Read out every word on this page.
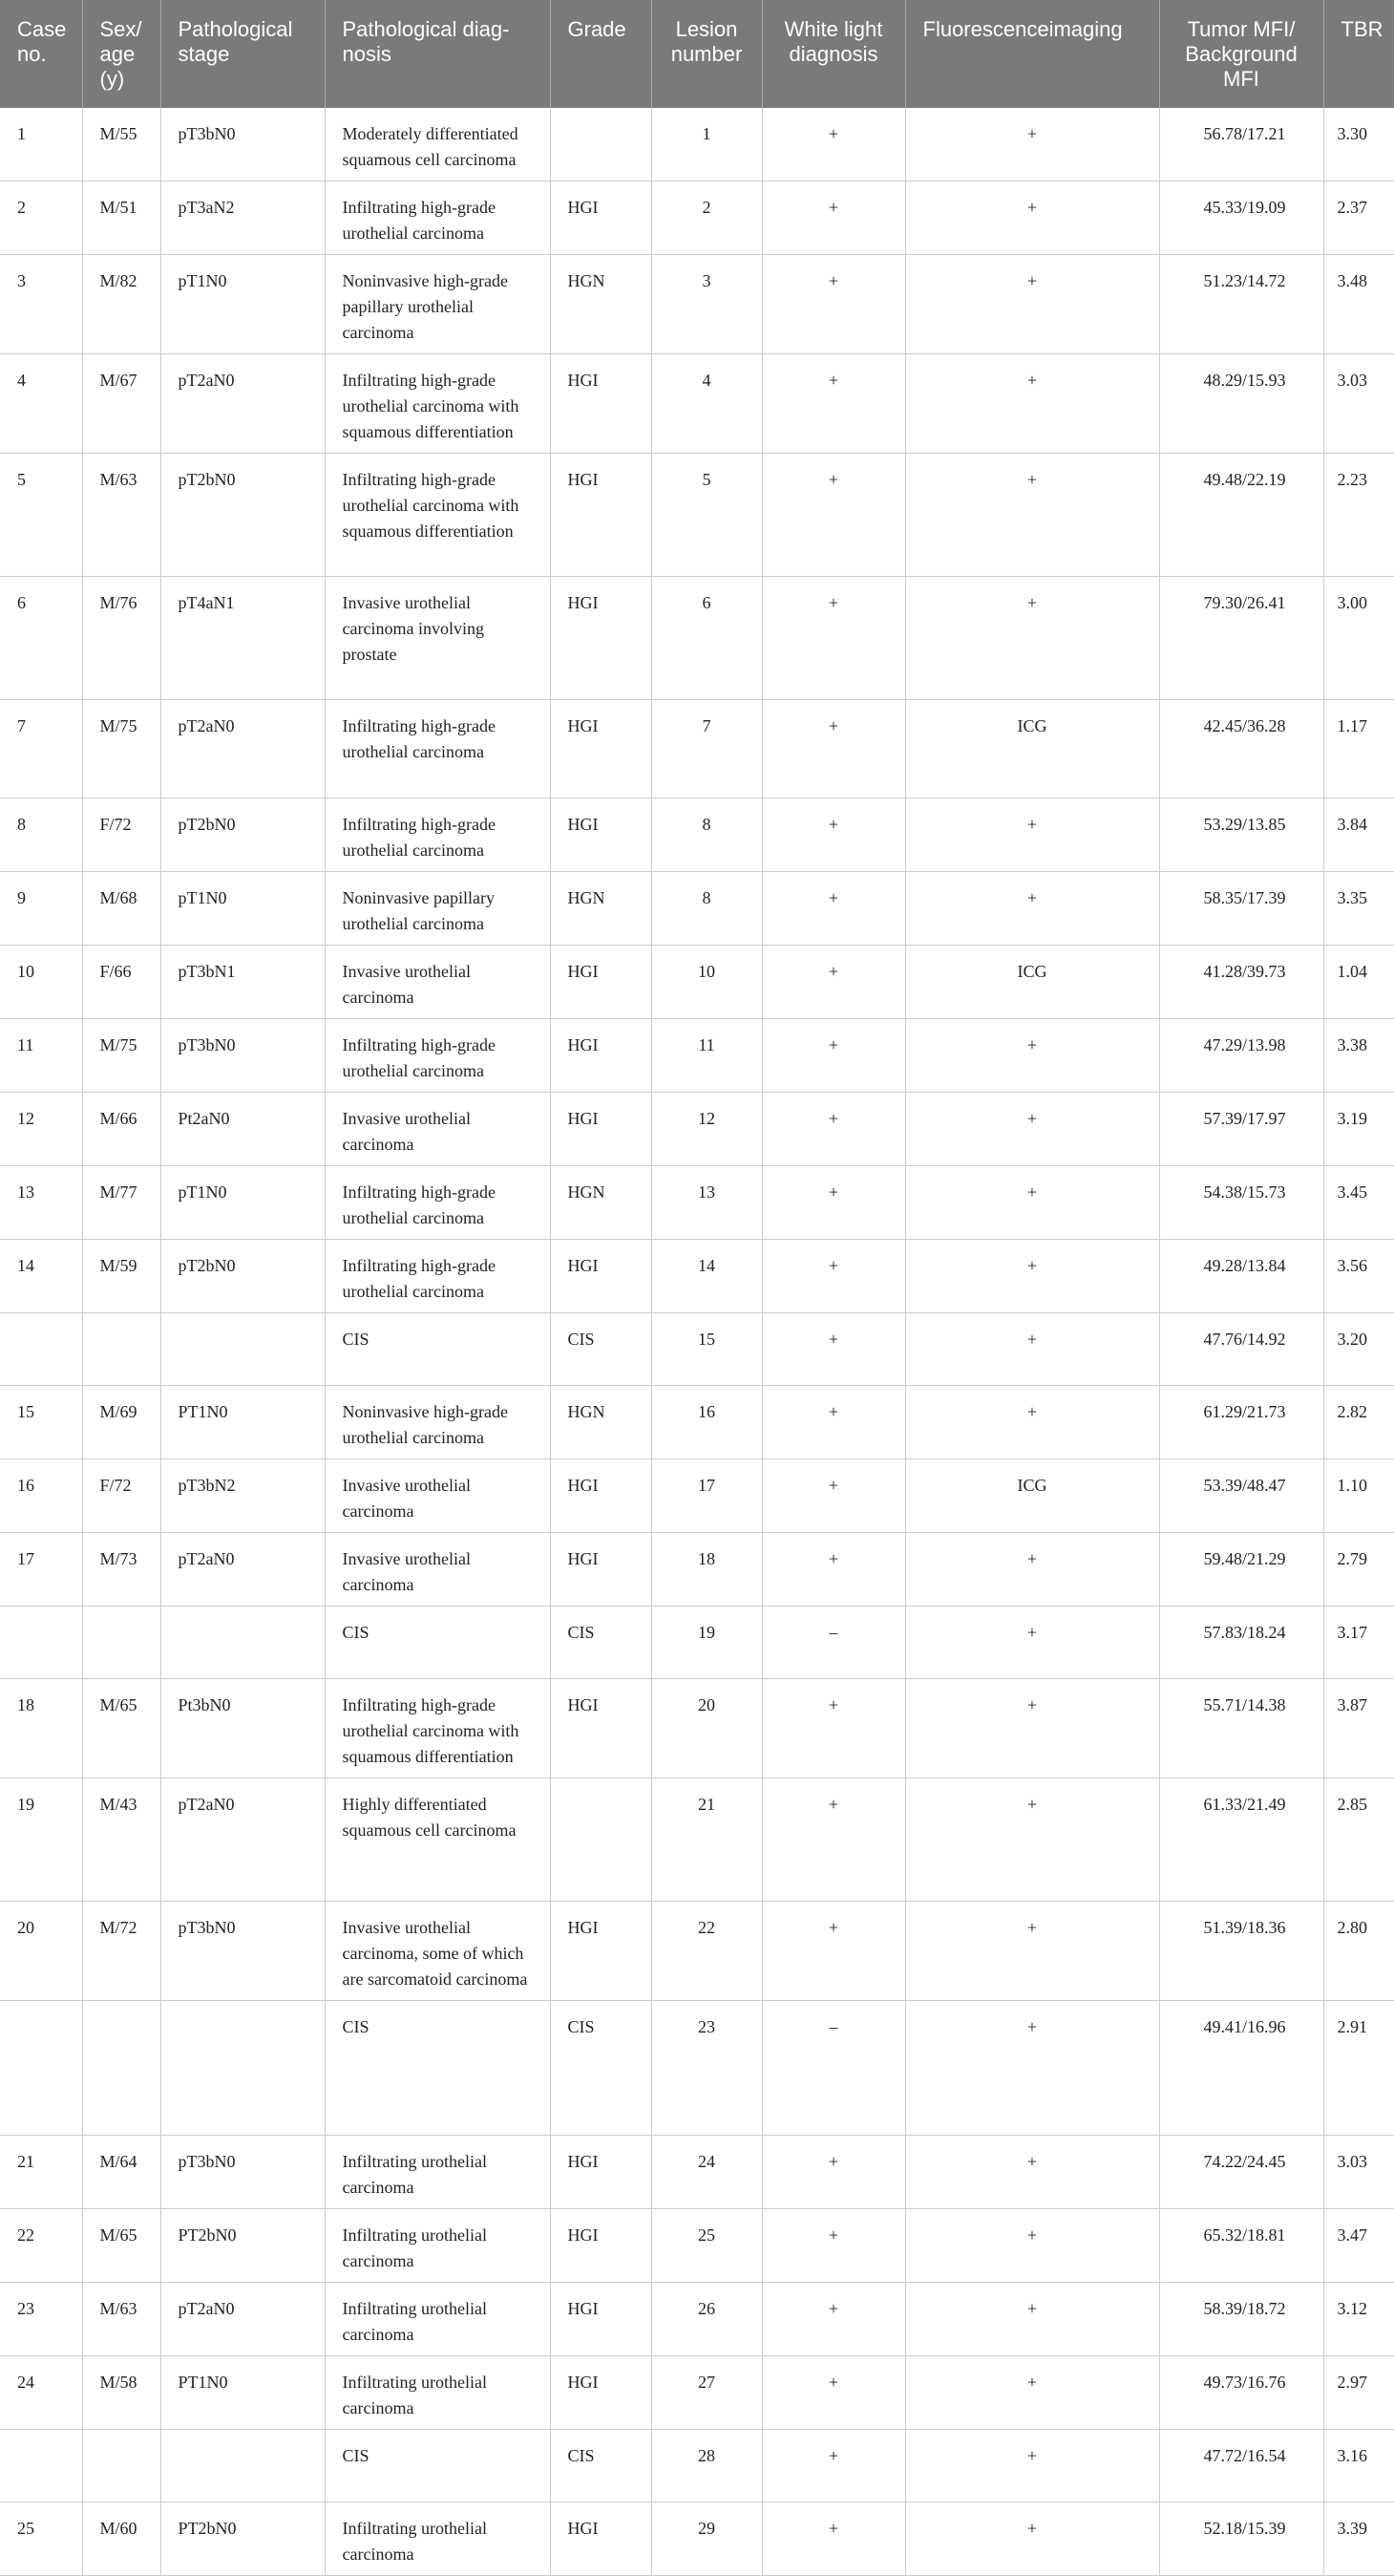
Case no.	Sex/ age (y)	Pathological stage	Pathological diagnosis	Grade	Lesion number	White light diagnosis	Fluorescenceimaging	Tumor MFI/ Background MFI	TBR
1	M/55	pT3bN0	Moderately differentiated squamous cell carcinoma		1	+	+	56.78/17.21	3.30
2	M/51	pT3aN2	Infiltrating high-grade urothelial carcinoma	HGI	2	+	+	45.33/19.09	2.37
3	M/82	pT1N0	Noninvasive high-grade papillary urothelial carcinoma	HGN	3	+	+	51.23/14.72	3.48
4	M/67	pT2aN0	Infiltrating high-grade urothelial carcinoma with squamous differentiation	HGI	4	+	+	48.29/15.93	3.03
5	M/63	pT2bN0	Infiltrating high-grade urothelial carcinoma with squamous differentiation	HGI	5	+	+	49.48/22.19	2.23
6	M/76	pT4aN1	Invasive urothelial carcinoma involving prostate	HGI	6	+	+	79.30/26.41	3.00
7	M/75	pT2aN0	Infiltrating high-grade urothelial carcinoma	HGI	7	+	ICG	42.45/36.28	1.17
8	F/72	pT2bN0	Infiltrating high-grade urothelial carcinoma	HGI	8	+	+	53.29/13.85	3.84
9	M/68	pT1N0	Noninvasive papillary urothelial carcinoma	HGN	8	+	+	58.35/17.39	3.35
10	F/66	pT3bN1	Invasive urothelial carcinoma	HGI	10	+	ICG	41.28/39.73	1.04
11	M/75	pT3bN0	Infiltrating high-grade urothelial carcinoma	HGI	11	+	+	47.29/13.98	3.38
12	M/66	Pt2aN0	Invasive urothelial carcinoma	HGI	12	+	+	57.39/17.97	3.19
13	M/77	pT1N0	Infiltrating high-grade urothelial carcinoma	HGN	13	+	+	54.38/15.73	3.45
14	M/59	pT2bN0	Infiltrating high-grade urothelial carcinoma	HGI	14	+	+	49.28/13.84	3.56
			CIS	CIS	15	+	+	47.76/14.92	3.20
15	M/69	PT1N0	Noninvasive high-grade urothelial carcinoma	HGN	16	+	+	61.29/21.73	2.82
16	F/72	pT3bN2	Invasive urothelial carcinoma	HGI	17	+	ICG	53.39/48.47	1.10
17	M/73	pT2aN0	Invasive urothelial carcinoma	HGI	18	+	+	59.48/21.29	2.79
			CIS	CIS	19	–	+	57.83/18.24	3.17
18	M/65	Pt3bN0	Infiltrating high-grade urothelial carcinoma with squamous differentiation	HGI	20	+	+	55.71/14.38	3.87
19	M/43	pT2aN0	Highly differentiated squamous cell carcinoma		21	+	+	61.33/21.49	2.85
20	M/72	pT3bN0	Invasive urothelial carcinoma, some of which are sarcomatoid carcinoma	HGI	22	+	+	51.39/18.36	2.80
			CIS	CIS	23	–	+	49.41/16.96	2.91
21	M/64	pT3bN0	Infiltrating urothelial carcinoma	HGI	24	+	+	74.22/24.45	3.03
22	M/65	PT2bN0	Infiltrating urothelial carcinoma	HGI	25	+	+	65.32/18.81	3.47
23	M/63	pT2aN0	Infiltrating urothelial carcinoma	HGI	26	+	+	58.39/18.72	3.12
24	M/58	PT1N0	Infiltrating urothelial carcinoma	HGI	27	+	+	49.73/16.76	2.97
			CIS	CIS	28	+	+	47.72/16.54	3.16
25	M/60	PT2bN0	Infiltrating urothelial carcinoma	HGI	29	+	+	52.18/15.39	3.39
